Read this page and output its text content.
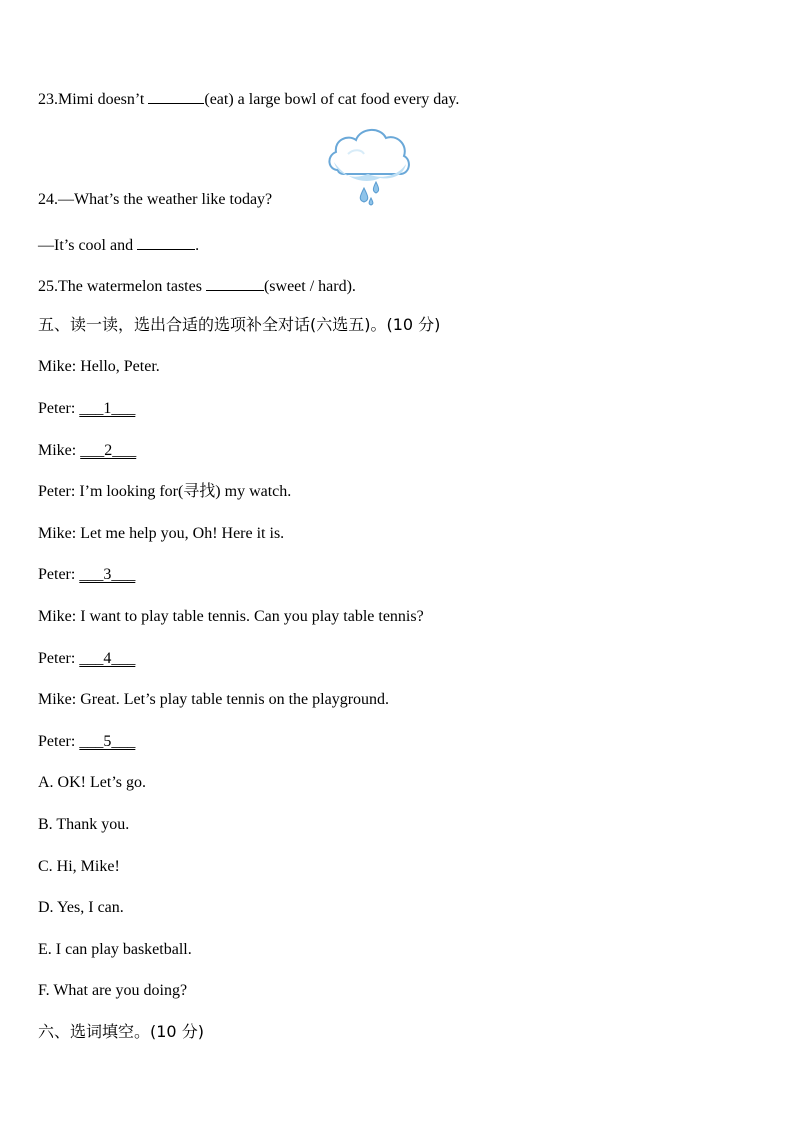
23.Mimi doesn’t	(eat) a large bowl of cat food every day.
24.—What’s the weather like today?
—It’s cool and	.
25.The watermelon tastes	(sweet / hard).
五、读一读，选出合适的选项补全对话(六选五)。(10 分)
Mike: Hello, Peter.
Peter: ___1___
Mike: ___2___
Peter: I’m looking for(寻找) my watch.
Mike: Let me help you, Oh! Here it is.
Peter: ___3___
Mike: I want to play table tennis. Can you play table tennis?
Peter: ___4___
Mike: Great. Let’s play table tennis on the playground.
Peter: ___5___
A. OK! Let’s go.
B. Thank you.
C. Hi, Mike!
D. Yes, I can.
E. I can play basketball.
F. What are you doing?
六、选词填空。(10 分)
